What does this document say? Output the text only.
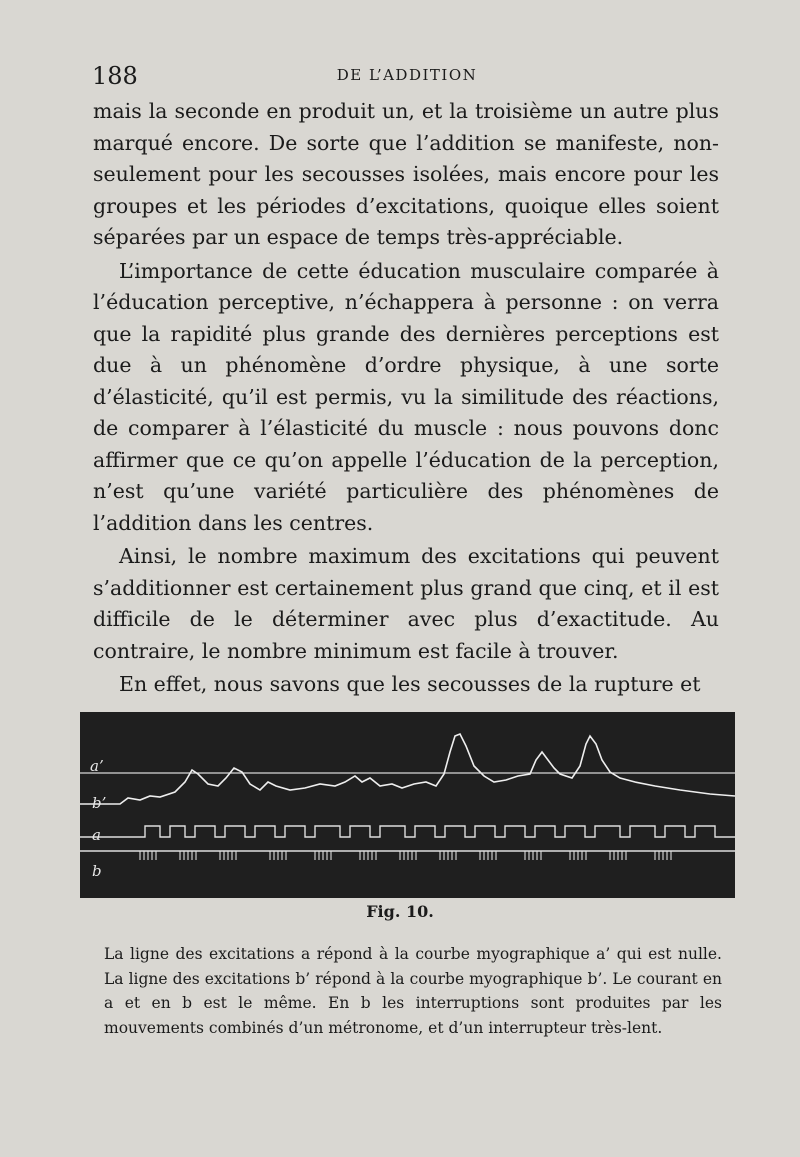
188	DE L’ADDITION

mais la seconde en produit un, et la troisième un autre plus marqué encore. De sorte que l’addition se manifeste, non-seulement pour les secousses isolées, mais encore pour les groupes et les périodes d’excitations, quoique elles soient séparées par un espace de temps très-appréciable.

L’importance de cette éducation musculaire comparée à l’éducation perceptive, n’échappera à personne : on verra que la rapidité plus grande des dernières perceptions est due à un phénomène d’ordre physique, à une sorte d’élasticité, qu’il est permis, vu la similitude des réactions, de comparer à l’élasticité du muscle : nous pouvons donc affirmer que ce qu’on appelle l’éducation de la perception, n’est qu’une variété particulière des phénomènes de l’addition dans les centres.

Ainsi, le nombre maximum des excitations qui peuvent s’additionner est certainement plus grand que cinq, et il est difficile de le déterminer avec plus d’exactitude. Au contraire, le nombre minimum est facile à trouver.

En effet, nous savons que les secousses de la rupture et

a’
b’
a
b
Fig. 10.
La ligne des excitations a répond à la courbe myographique a’ qui est nulle. La ligne des excitations b’ répond à la courbe myographique b’. Le courant en a et en b est le même. En b les interruptions sont produites par les mouvements combinés d’un métronome, et d’un interrupteur très-lent.
